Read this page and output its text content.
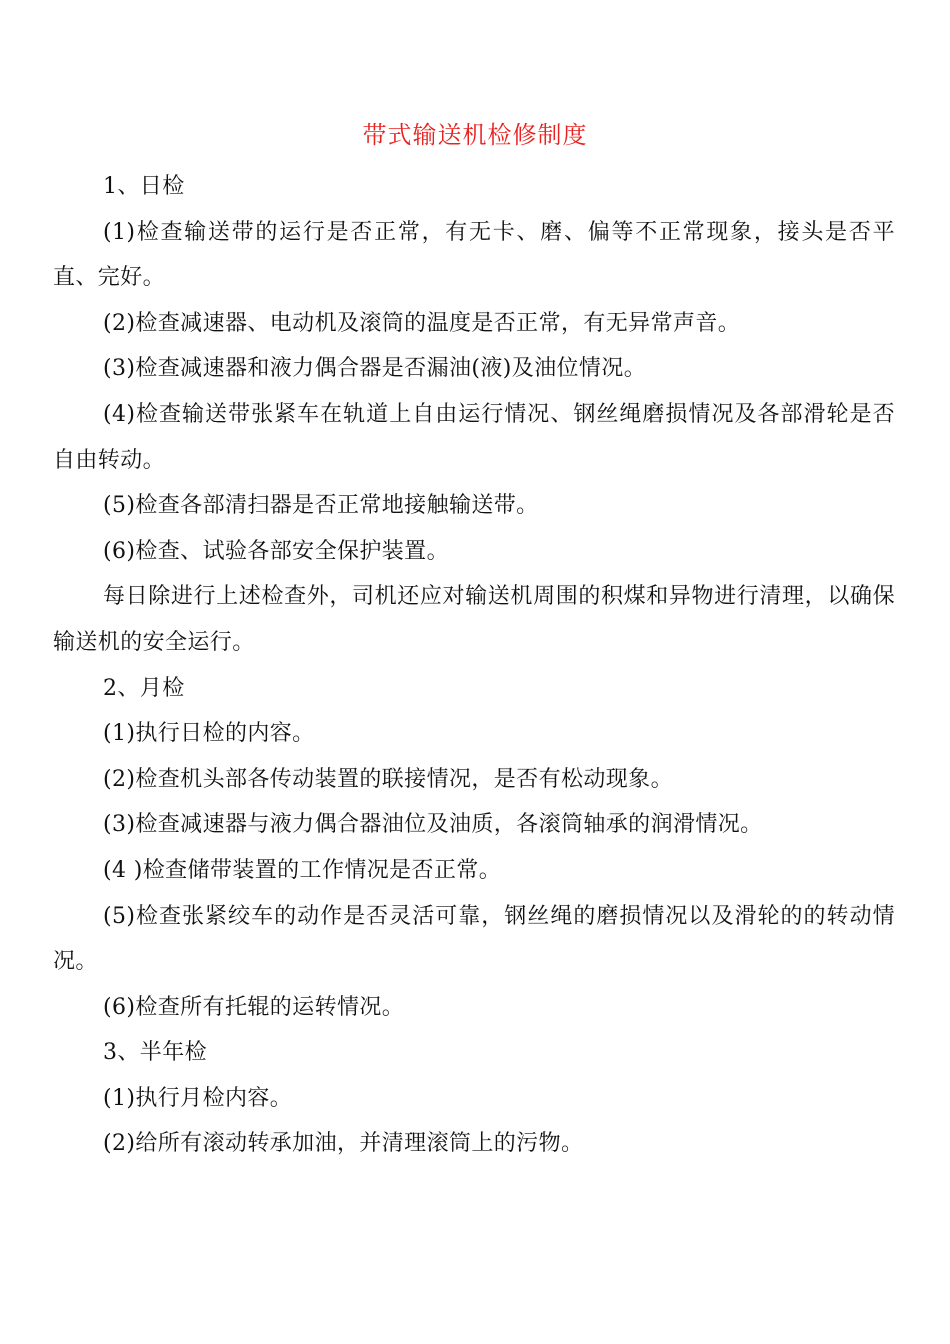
带式输送机检修制度

1、日检

(1)检查输送带的运行是否正常，有无卡、磨、偏等不正常现象，接头是否平直、完好。

(2)检查减速器、电动机及滚筒的温度是否正常，有无异常声音。

(3)检查减速器和液力偶合器是否漏油(液)及油位情况。

(4)检查输送带张紧车在轨道上自由运行情况、钢丝绳磨损情况及各部滑轮是否自由转动。

(5)检查各部清扫器是否正常地接触输送带。

(6)检查、试验各部安全保护装置。

每日除进行上述检查外，司机还应对输送机周围的积煤和异物进行清理，以确保输送机的安全运行。

2、月检

(1)执行日检的内容。

(2)检查机头部各传动装置的联接情况，是否有松动现象。

(3)检查减速器与液力偶合器油位及油质，各滚筒轴承的润滑情况。

(4 )检查储带装置的工作情况是否正常。

(5)检查张紧绞车的动作是否灵活可靠，钢丝绳的磨损情况以及滑轮的的转动情况。

(6)检查所有托辊的运转情况。

3、半年检

(1)执行月检内容。

(2)给所有滚动转承加油，并清理滚筒上的污物。
